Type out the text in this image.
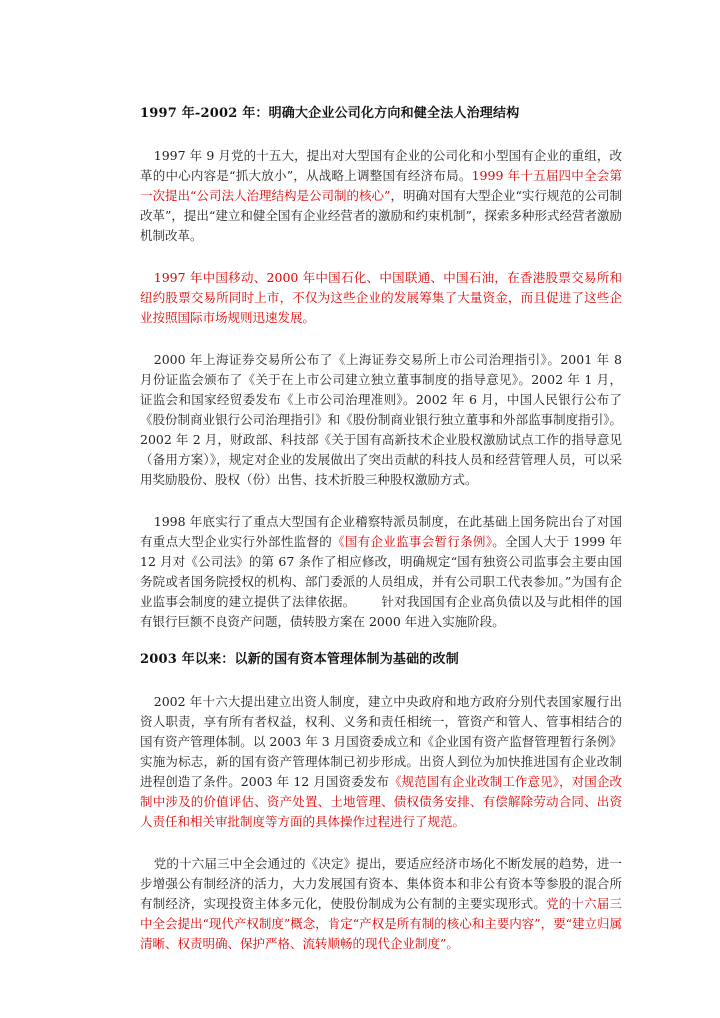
1997 年-2002 年：明确大企业公司化方向和健全法人治理结构

1997 年 9 月党的十五大，提出对大型国有企业的公司化和小型国有企业的重组，改革的中心内容是“抓大放小”，从战略上调整国有经济布局。1999 年十五届四中全会第一次提出“公司法人治理结构是公司制的核心”，明确对国有大型企业“实行规范的公司制改革”，提出“建立和健全国有企业经营者的激励和约束机制”，探索多种形式经营者激励机制改革。

1997 年中国移动、2000 年中国石化、中国联通、中国石油，在香港股票交易所和纽约股票交易所同时上市，不仅为这些企业的发展筹集了大量资金，而且促进了这些企业按照国际市场规则迅速发展。

2000 年上海证券交易所公布了《上海证券交易所上市公司治理指引》。2001 年 8 月份证监会颁布了《关于在上市公司建立独立董事制度的指导意见》。2002 年 1 月，证监会和国家经贸委发布《上市公司治理准则》。2002 年 6 月，中国人民银行公布了《股份制商业银行公司治理指引》和《股份制商业银行独立董事和外部监事制度指引》。2002 年 2 月，财政部、科技部《关于国有高新技术企业股权激励试点工作的指导意见（备用方案）》，规定对企业的发展做出了突出贡献的科技人员和经营管理人员，可以采用奖励股份、股权（份）出售、技术折股三种股权激励方式。

1998 年底实行了重点大型国有企业稽察特派员制度，在此基础上国务院出台了对国有重点大型企业实行外部性监督的《国有企业监事会暂行条例》。全国人大于 1999 年 12 月对《公司法》的第 67 条作了相应修改，明确规定“国有独资公司监事会主要由国务院或者国务院授权的机构、部门委派的人员组成，并有公司职工代表参加。”为国有企业监事会制度的建立提供了法律依据。 针对我国国有企业高负债以及与此相伴的国有银行巨额不良资产问题，债转股方案在 2000 年进入实施阶段。

2003 年以来：以新的国有资本管理体制为基础的改制

2002 年十六大提出建立出资人制度，建立中央政府和地方政府分别代表国家履行出资人职责，享有所有者权益，权利、义务和责任相统一，管资产和管人、管事相结合的国有资产管理体制。以 2003 年 3 月国资委成立和《企业国有资产监督管理暂行条例》实施为标志，新的国有资产管理体制已初步形成。出资人到位为加快推进国有企业改制进程创造了条件。2003 年 12 月国资委发布《规范国有企业改制工作意见》，对国企改制中涉及的价值评估、资产处置、土地管理、债权债务安排、有偿解除劳动合同、出资人责任和相关审批制度等方面的具体操作过程进行了规范。

党的十六届三中全会通过的《决定》提出，要适应经济市场化不断发展的趋势，进一步增强公有制经济的活力，大力发展国有资本、集体资本和非公有资本等参股的混合所有制经济，实现投资主体多元化，使股份制成为公有制的主要实现形式。党的十六届三中全会提出“现代产权制度”概念，肯定“产权是所有制的核心和主要内容”，要“建立归属清晰、权责明确、保护严格、流转顺畅的现代企业制度”。
